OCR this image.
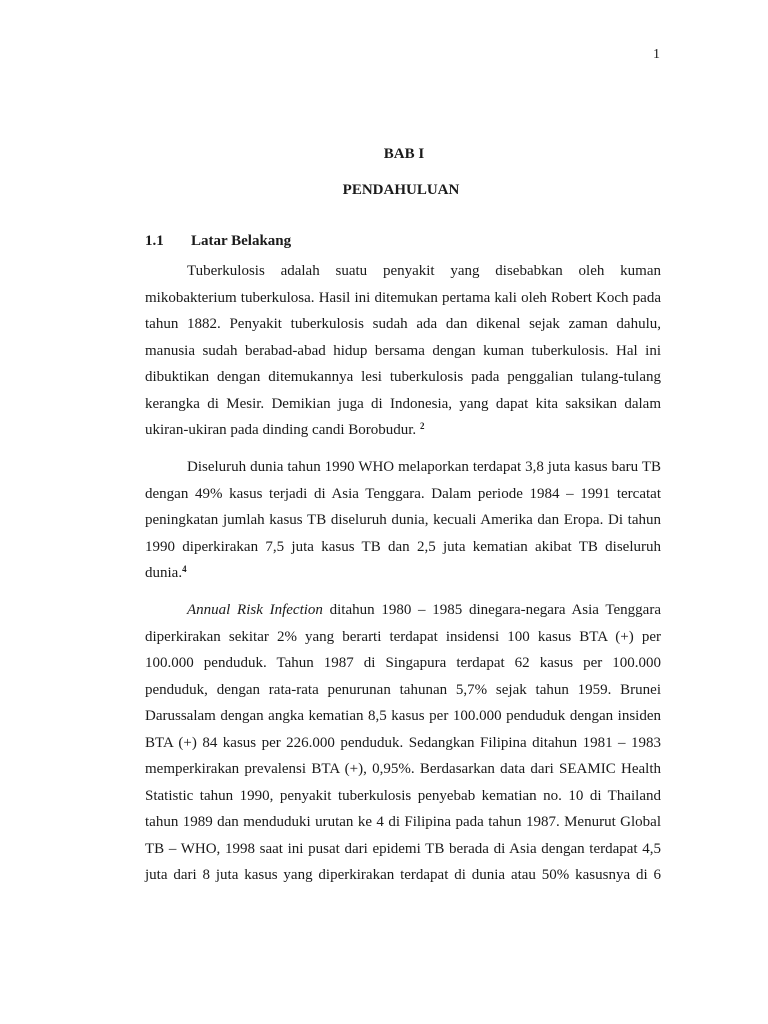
1
BAB I
PENDAHULUAN
1.1 Latar Belakang

Tuberkulosis adalah suatu penyakit yang disebabkan oleh kuman mikobakterium tuberkulosa. Hasil ini ditemukan pertama kali oleh Robert Koch pada tahun 1882. Penyakit tuberkulosis sudah ada dan dikenal sejak zaman dahulu, manusia sudah berabad-abad hidup bersama dengan kuman tuberkulosis. Hal ini dibuktikan dengan ditemukannya lesi tuberkulosis pada penggalian tulang-tulang kerangka di Mesir. Demikian juga di Indonesia, yang dapat kita saksikan dalam ukiran-ukiran pada dinding candi Borobudur. $^2$

Diseluruh dunia tahun 1990 WHO melaporkan terdapat 3,8 juta kasus baru TB dengan 49% kasus terjadi di Asia Tenggara. Dalam periode 1984 – 1991 tercatat peningkatan jumlah kasus TB diseluruh dunia, kecuali Amerika dan Eropa. Di tahun 1990 diperkirakan 7,5 juta kasus TB dan 2,5 juta kematian akibat TB diseluruh dunia.$^4$

Annual Risk Infection ditahun 1980 – 1985 dinegara-negara Asia Tenggara diperkirakan sekitar 2% yang berarti terdapat insidensi 100 kasus BTA (+) per 100.000 penduduk. Tahun 1987 di Singapura terdapat 62 kasus per 100.000 penduduk, dengan rata-rata penurunan tahunan 5,7% sejak tahun 1959. Brunei Darussalam dengan angka kematian 8,5 kasus per 100.000 penduduk dengan insiden BTA (+) 84 kasus per 226.000 penduduk. Sedangkan Filipina ditahun 1981 – 1983 memperkirakan prevalensi BTA (+), 0,95%. Berdasarkan data dari SEAMIC Health Statistic tahun 1990, penyakit tuberkulosis penyebab kematian no. 10 di Thailand tahun 1989 dan menduduki urutan ke 4 di Filipina pada tahun 1987. Menurut Global TB – WHO, 1998 saat ini pusat dari epidemi TB berada di Asia dengan terdapat 4,5 juta dari 8 juta kasus yang diperkirakan terdapat di dunia atau 50% kasusnya di 6
